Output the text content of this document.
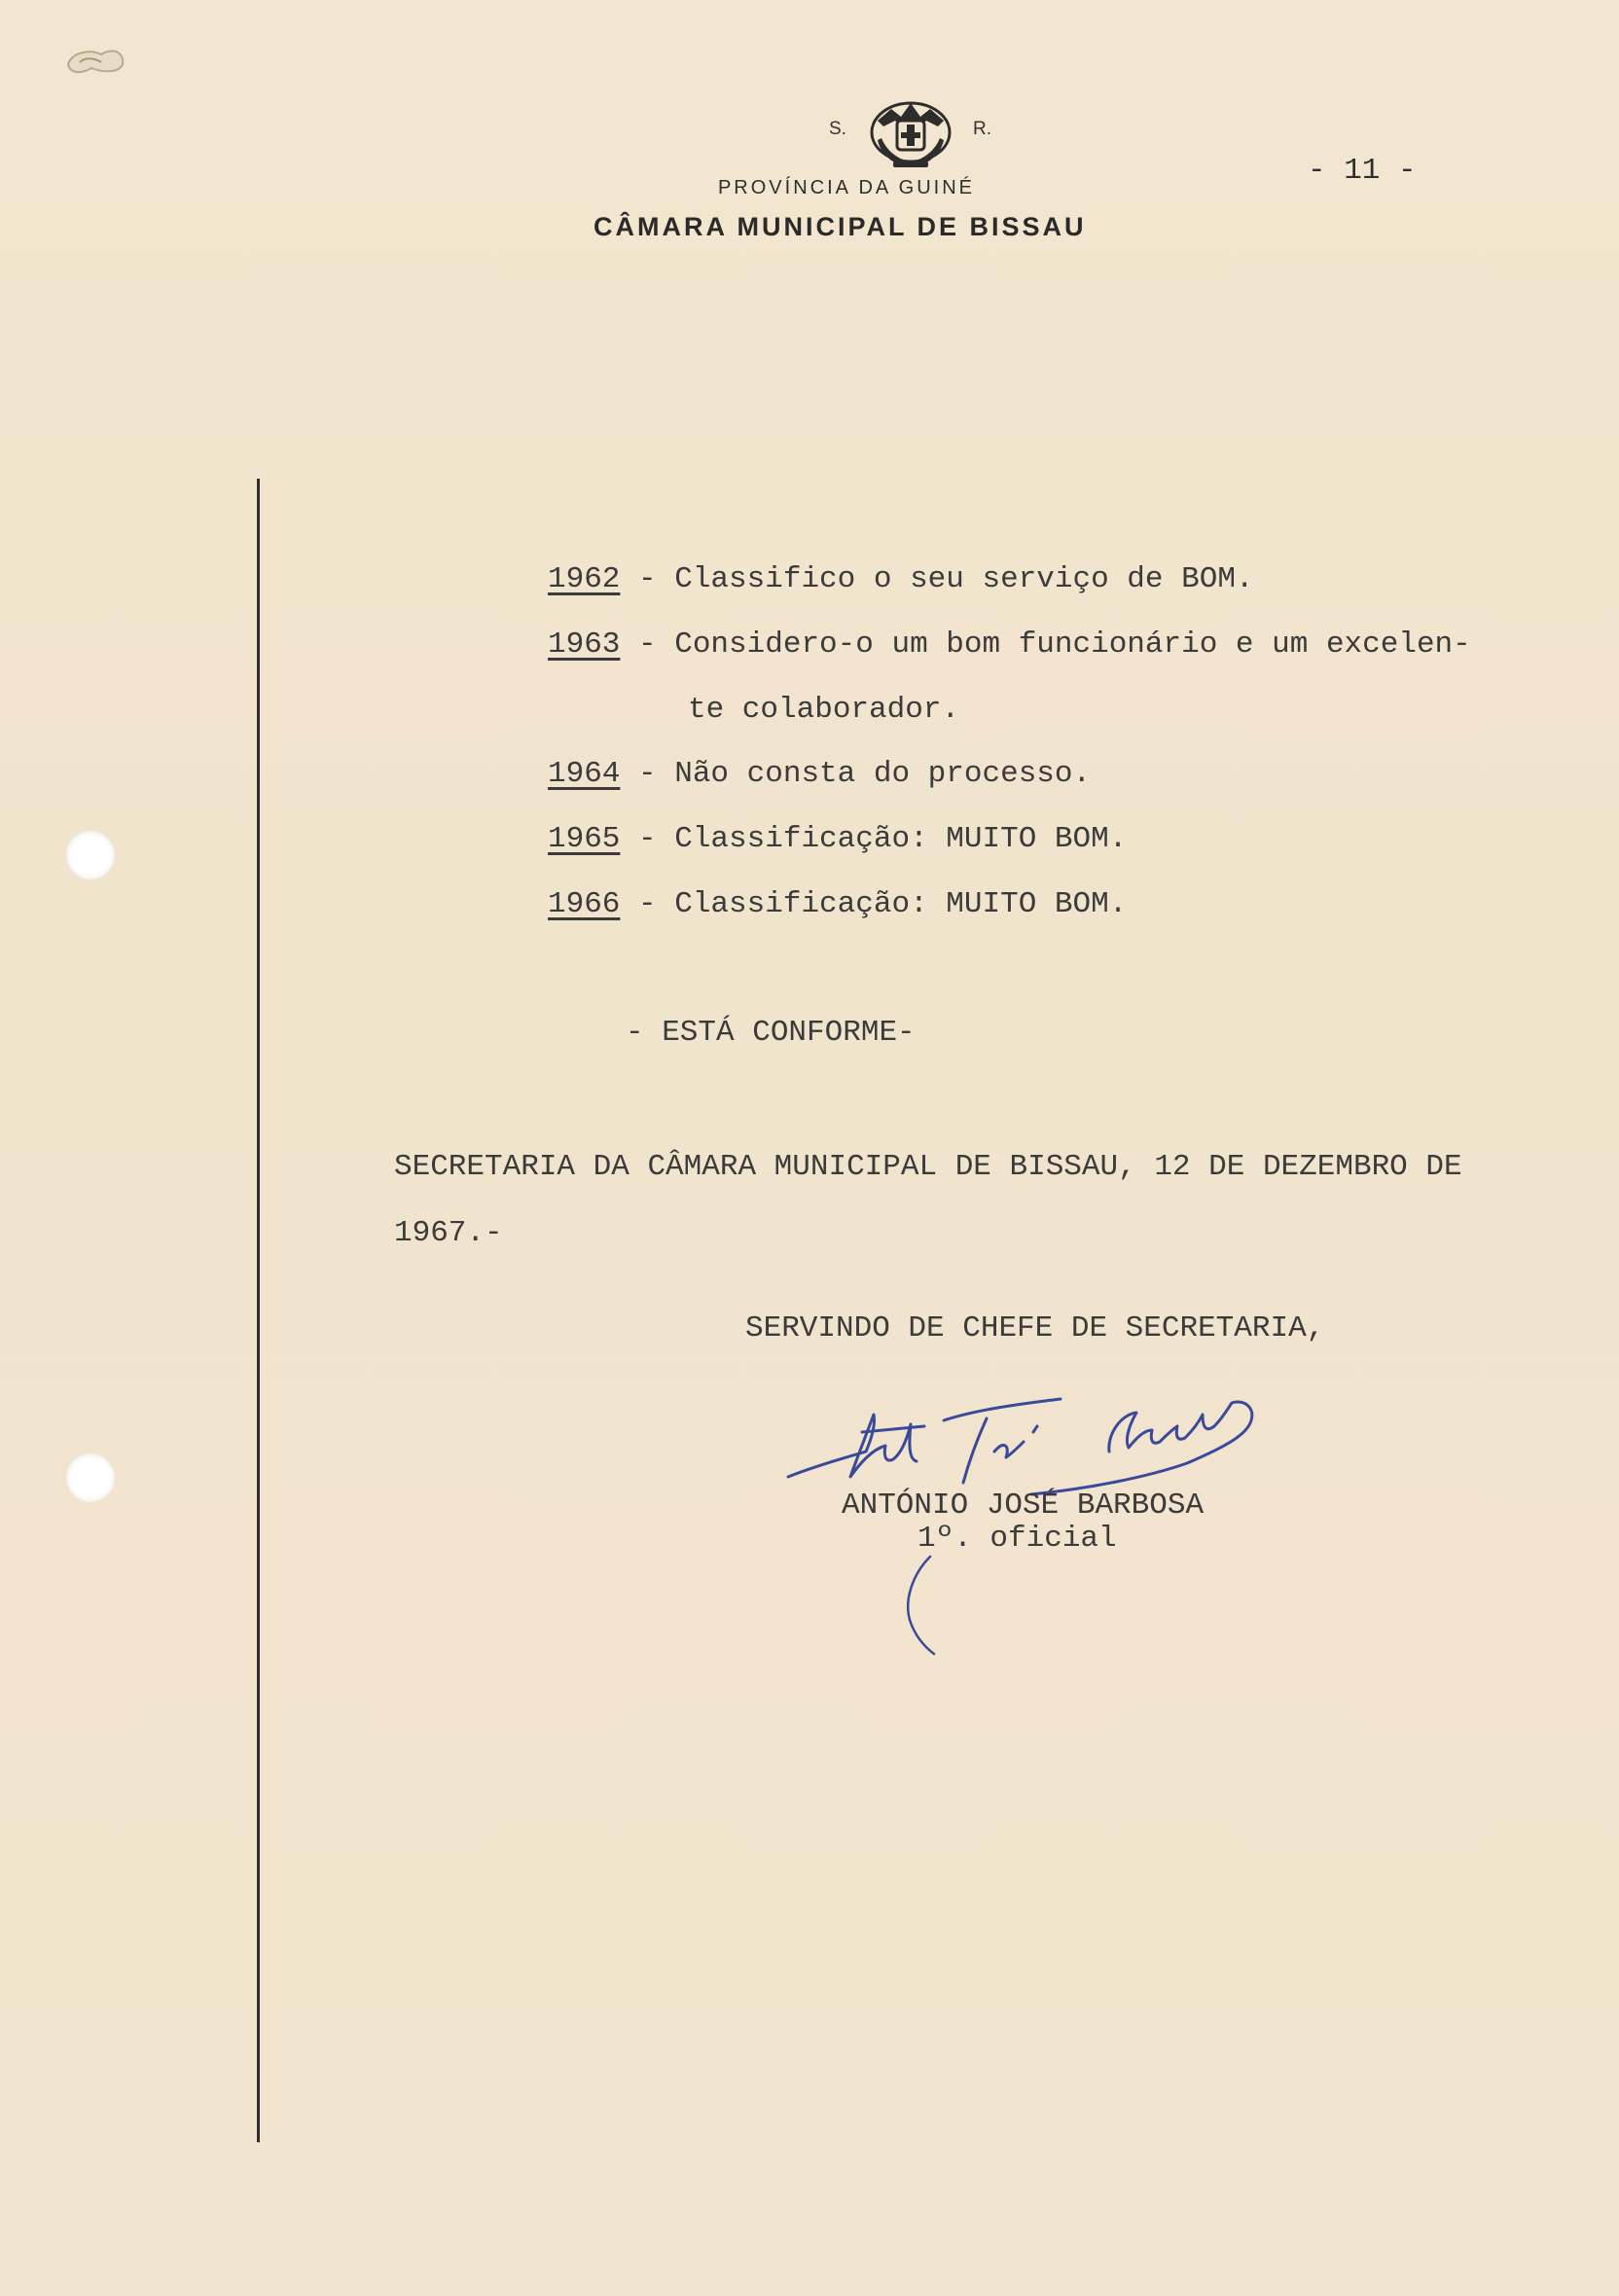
S.	R.
PROVÍNCIA DA GUINÉ
CÂMARA MUNICIPAL DE BISSAU
- 11 -
1962 - Classifico o seu serviço de BOM.
1963 - Considero-o um bom funcionário e um excelen-
te colaborador.
1964 - Não consta do processo.
1965 - Classificação: MUITO BOM.
1966 - Classificação: MUITO BOM.
- ESTÁ CONFORME-
SECRETARIA DA CÂMARA MUNICIPAL DE BISSAU, 12 DE DEZEMBRO DE
1967.-
SERVINDO DE CHEFE DE SECRETARIA,
ANTÓNIO JOSÉ BARBOSA
1º. oficial
